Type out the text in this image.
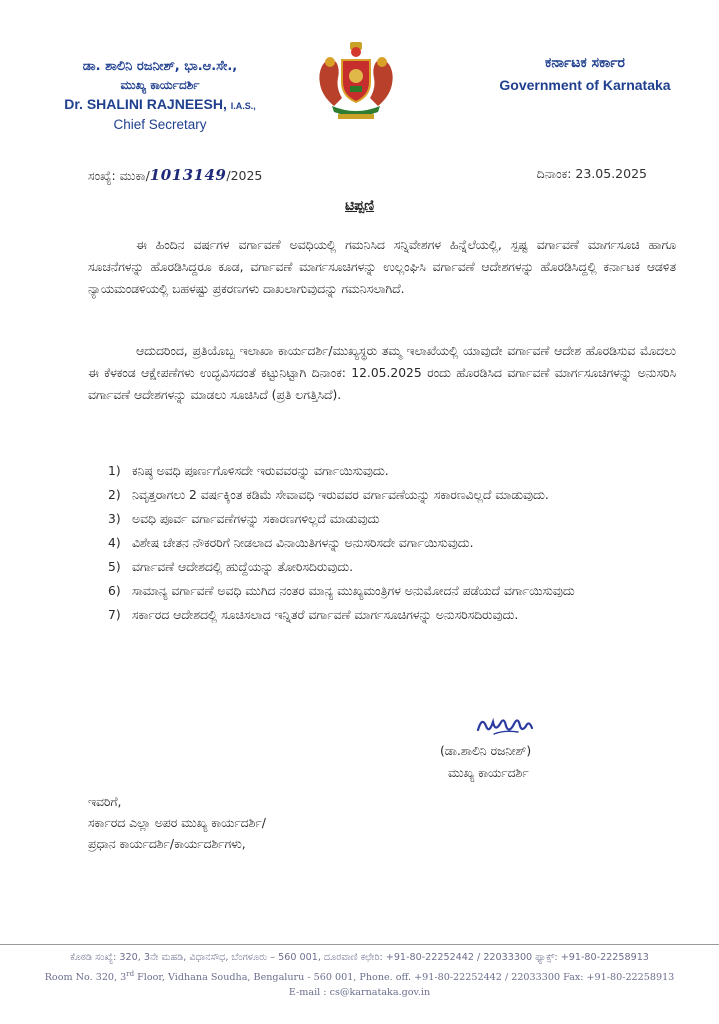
ಡಾ. ಶಾಲಿನಿ ರಜನೀಶ್, ಭಾ.ಆ.ಸೇ.,
ಮುಖ್ಯ ಕಾರ್ಯದರ್ಶಿ
Dr. SHALINI RAJNEESH, I.A.S.,
Chief Secretary
ಕರ್ನಾಟಕ ಸರ್ಕಾರ
Government of Karnataka
ಸಂಖ್ಯೆ: ಮುಕಾ/1013149/2025	ದಿನಾಂಕ: 23.05.2025
ಟಿಪ್ಪಣಿ
ಈ ಹಿಂದಿನ ವರ್ಷಗಳ ವರ್ಗಾವಣೆ ಅವಧಿಯಲ್ಲಿ ಗಮನಿಸಿದ ಸನ್ನಿವೇಶಗಳ ಹಿನ್ನೆಲೆಯಲ್ಲಿ, ಸ್ಪಷ್ಟ ವರ್ಗಾವಣೆ ಮಾರ್ಗಸೂಚಿ ಹಾಗೂ ಸೂಚನೆಗಳನ್ನು ಹೊರಡಿಸಿದ್ದರೂ ಕೂಡ, ವರ್ಗಾವಣೆ ಮಾರ್ಗಸೂಚಿಗಳನ್ನು ಉಲ್ಲಂಘಿಸಿ ವರ್ಗಾವಣೆ ಆದೇಶಗಳನ್ನು ಹೊರಡಿಸಿದ್ದಲ್ಲಿ ಕರ್ನಾಟಕ ಆಡಳಿತ ನ್ಯಾಯಮಂಡಳಿಯಲ್ಲಿ ಬಹಳಷ್ಟು ಪ್ರಕರಣಗಳು ದಾಖಲಾಗುವುದನ್ನು ಗಮನಿಸಲಾಗಿದೆ.
ಆದುದರಿಂದ, ಪ್ರತಿಯೊಬ್ಬ ಇಲಾಖಾ ಕಾರ್ಯದರ್ಶಿ/ಮುಖ್ಯಸ್ಥರು ತಮ್ಮ ಇಲಾಖೆಯಲ್ಲಿ ಯಾವುದೇ ವರ್ಗಾವಣೆ ಆದೇಶ ಹೊರಡಿಸುವ ಮೊದಲು ಈ ಕೆಳಕಂಡ ಆಕ್ಷೇಪಣೆಗಳು ಉದ್ಭವಿಸದಂತೆ ಕಟ್ಟುನಿಟ್ಟಾಗಿ ದಿನಾಂಕ: 12.05.2025 ರಂದು ಹೊರಡಿಸಿದ ವರ್ಗಾವಣೆ ಮಾರ್ಗಸೂಚಿಗಳನ್ನು ಅನುಸರಿಸಿ ವರ್ಗಾವಣೆ ಆದೇಶಗಳನ್ನು ಮಾಡಲು ಸೂಚಿಸಿದೆ (ಪ್ರತಿ ಲಗತ್ತಿಸಿದೆ).
1) ಕನಿಷ್ಠ ಅವಧಿ ಪೂರ್ಣಗೊಳಿಸದೇ ಇರುವವರನ್ನು ವರ್ಗಾಯಿಸುವುದು.
2) ನಿವೃತ್ತರಾಗಲು 2 ವರ್ಷಕ್ಕಿಂತ ಕಡಿಮೆ ಸೇವಾವಧಿ ಇರುವವರ ವರ್ಗಾವಣೆಯನ್ನು ಸಕಾರಣವಿಲ್ಲದೆ ಮಾಡುವುದು.
3) ಅವಧಿ ಪೂರ್ವ ವರ್ಗಾವಣೆಗಳನ್ನು ಸಕಾರಣಗಳಿಲ್ಲದೆ ಮಾಡುವುದು
4) ವಿಶೇಷ ಚೇತನ ನೌಕರರಿಗೆ ನೀಡಲಾದ ವಿನಾಯಿತಿಗಳನ್ನು ಅನುಸರಿಸದೇ ವರ್ಗಾಯಿಸುವುದು.
5) ವರ್ಗಾವಣೆ ಆದೇಶದಲ್ಲಿ ಹುದ್ದೆಯನ್ನು ತೋರಿಸದಿರುವುದು.
6) ಸಾಮಾನ್ಯ ವರ್ಗಾವಣೆ ಅವಧಿ ಮುಗಿದ ನಂತರ ಮಾನ್ಯ ಮುಖ್ಯಮಂತ್ರಿಗಳ ಅನುಮೋದನೆ ಪಡೆಯದೆ ವರ್ಗಾಯಿಸುವುದು
7) ಸರ್ಕಾರದ ಆದೇಶದಲ್ಲಿ ಸೂಚಿಸಲಾದ ಇನ್ನಿತರೆ ವರ್ಗಾವಣೆ ಮಾರ್ಗಸೂಚಿಗಳನ್ನು ಅನುಸರಿಸದಿರುವುದು.
(ಡಾ.ಶಾಲಿನಿ ರಜನೀಶ್)
ಮುಖ್ಯ ಕಾರ್ಯದರ್ಶಿ
ಇವರಿಗೆ,
ಸರ್ಕಾರದ ಎಲ್ಲಾ ಅಪರ ಮುಖ್ಯ ಕಾರ್ಯದರ್ಶಿ/
ಪ್ರಧಾನ ಕಾರ್ಯದರ್ಶಿ/ಕಾರ್ಯದರ್ಶಿಗಳು,
ಕೊಠಡಿ ಸಂಖ್ಯೆ: 320, 3ನೇ ಮಹಡಿ, ವಿಧಾನಸೌಧ, ಬೆಂಗಳೂರು – 560 001, ದೂರವಾಣಿ ಕಛೇರಿ: +91-80-22252442 / 22033300 ಫ್ಯಾಕ್ಸ್: +91-80-22258913
Room No. 320, 3rd Floor, Vidhana Soudha, Bengaluru - 560 001, Phone. off. +91-80-22252442 / 22033300 Fax: +91-80-22258913
E-mail : cs@karnataka.gov.in
